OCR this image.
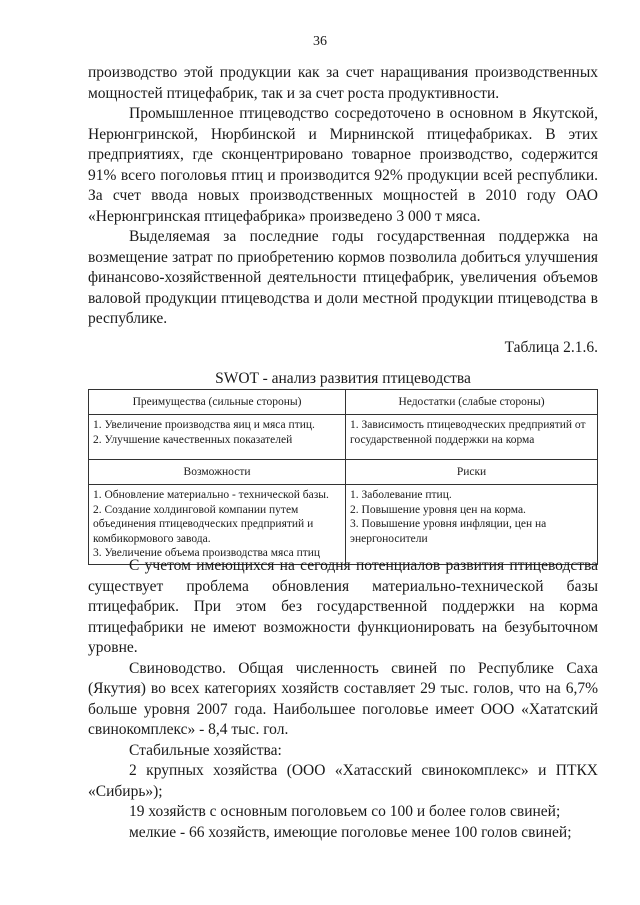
36

производство этой продукции как за счет наращивания производственных мощностей птицефабрик, так и за счет роста продуктивности.

Промышленное птицеводство сосредоточено в основном в Якутской, Нерюнгринской, Нюрбинской и Мирнинской птицефабриках. В этих предприятиях, где сконцентрировано товарное производство, содержится 91% всего поголовья птиц и производится 92% продукции всей республики. За счет ввода новых производственных мощностей в 2010 году ОАО «Нерюнгринская птицефабрика» произведено 3 000 т мяса.

Выделяемая за последние годы государственная поддержка на возмещение затрат по приобретению кормов позволила добиться улучшения финансово-хозяйственной деятельности птицефабрик, увеличения объемов валовой продукции птицеводства и доли местной продукции птицеводства в республике.

Таблица 2.1.6.
SWOT - анализ развития птицеводства
Преимущества (сильные стороны)	Недостатки (слабые стороны)

1. Увеличение производства яиц и мяса птиц.
2. Улучшение качественных показателей	1. Зависимость птицеводческих предприятий от государственной поддержки на корма

Возможности	Риски

1. Обновление материально - технической базы.
2. Создание холдинговой компании путем объединения птицеводческих предприятий и комбикормового завода.
3. Увеличение объема производства мяса птиц	1. Заболевание птиц.
2. Повышение уровня цен на корма.
3. Повышение уровня инфляции, цен на энергоносители

С учетом имеющихся на сегодня потенциалов развития птицеводства существует проблема обновления материально-технической базы птицефабрик. При этом без государственной поддержки на корма птицефабрики не имеют возможности функционировать на безубыточном уровне.

Свиноводство. Общая численность свиней по Республике Саха (Якутия) во всех категориях хозяйств составляет 29 тыс. голов, что на 6,7% больше уровня 2007 года. Наибольшее поголовье имеет ООО «Хататский свинокомплекс» - 8,4 тыс. гол.

Стабильные хозяйства:

2 крупных хозяйства (ООО «Хатасский свинокомплекс» и ПТКХ «Сибирь»);

19 хозяйств с основным поголовьем со 100 и более голов свиней;

мелкие - 66 хозяйств, имеющие поголовье менее 100 голов свиней;
